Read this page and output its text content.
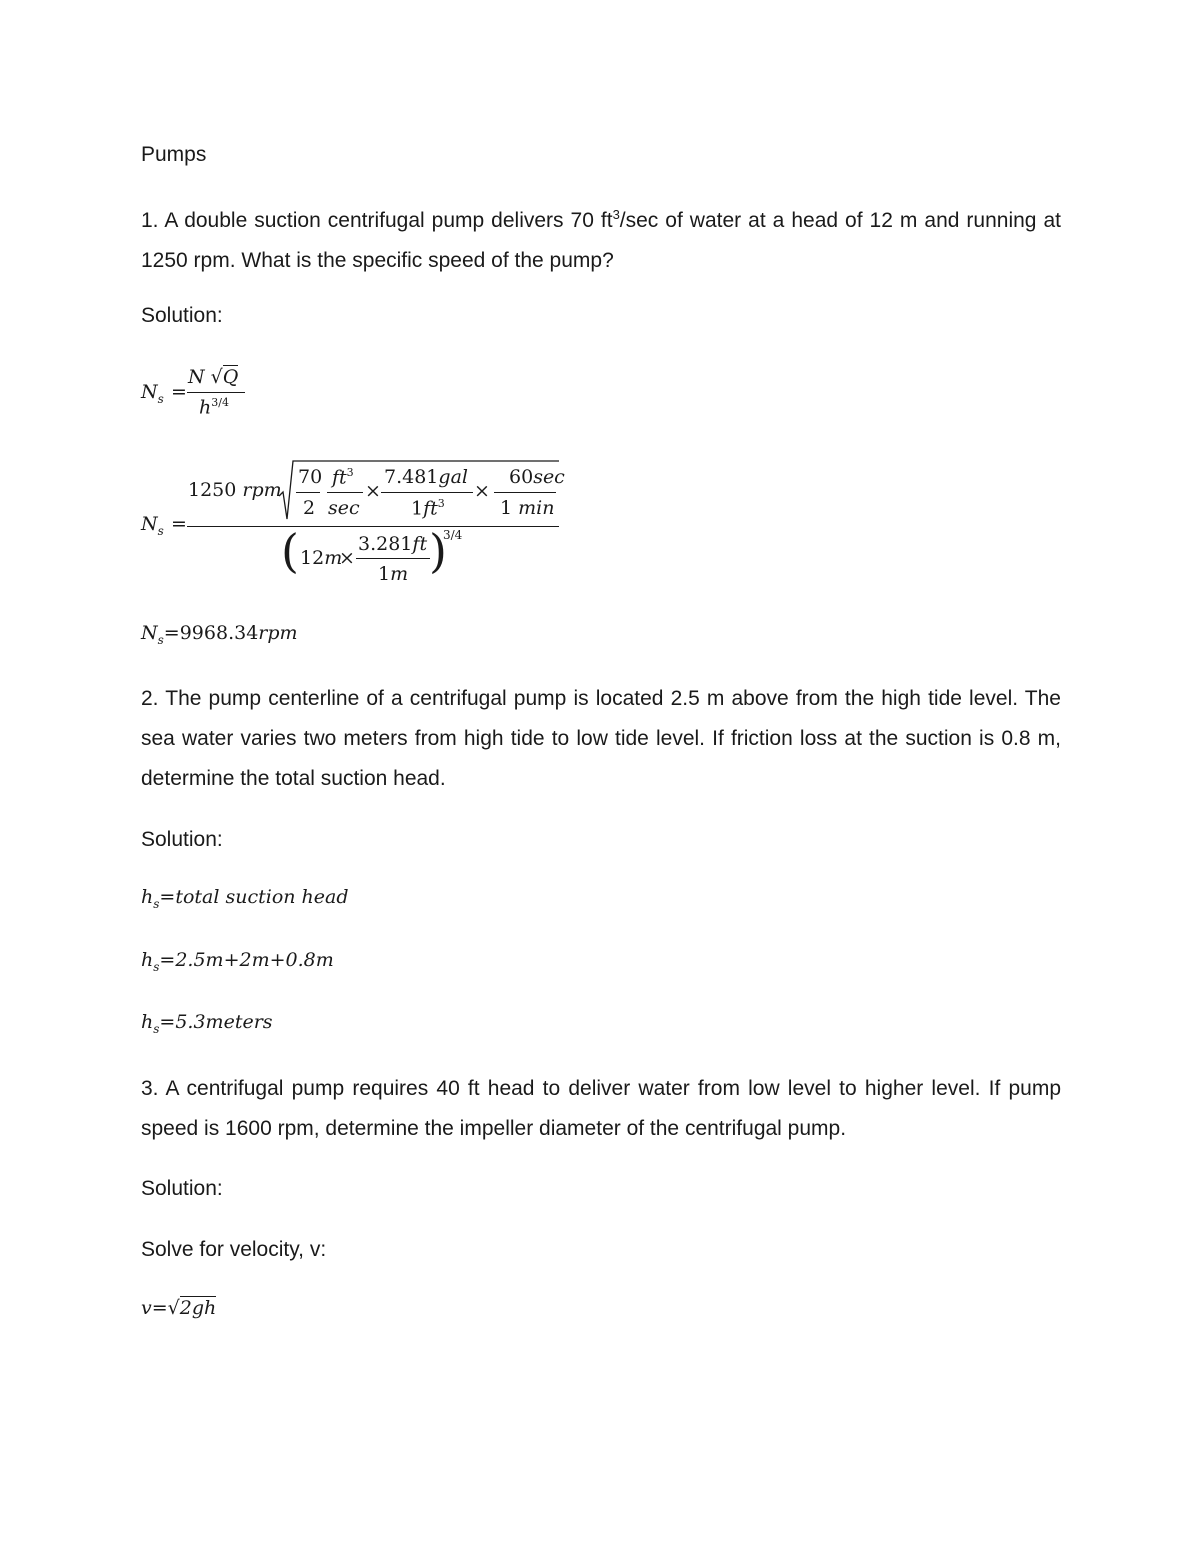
Pumps
1. A double suction centrifugal pump delivers 70 $ft^3/\sec$ of water at a head of 12 m and running at 1250 rpm. What is the specific speed of the pump?
Solution:
$N_s$ =
N √Q
$h^{3/4}$
$N_s$ =
1250 rpm
70
2
$ft^3$
sec
×
7.481gal
$1ft^3$
×
60sec
1 min
( 12m
×
3.281ft
1m )
3/4
$N_s=9968.34rpm$
2. The pump centerline of a centrifugal pump is located 2.5 m above from the high tide level. The sea water varies two meters from high tide to low tide level. If friction loss at the suction is 0.8 m, determine the total suction head.
Solution:
$h_s=total$ suction head
$h_s=2.5m+2m+0.8m$
$h_s=5.3meters$
3. A centrifugal pump requires 40 ft head to deliver water from low level to higher level. If pump speed is 1600 rpm, determine the impeller diameter of the centrifugal pump.
Solution:
Solve for velocity, v:
v=√2gh
